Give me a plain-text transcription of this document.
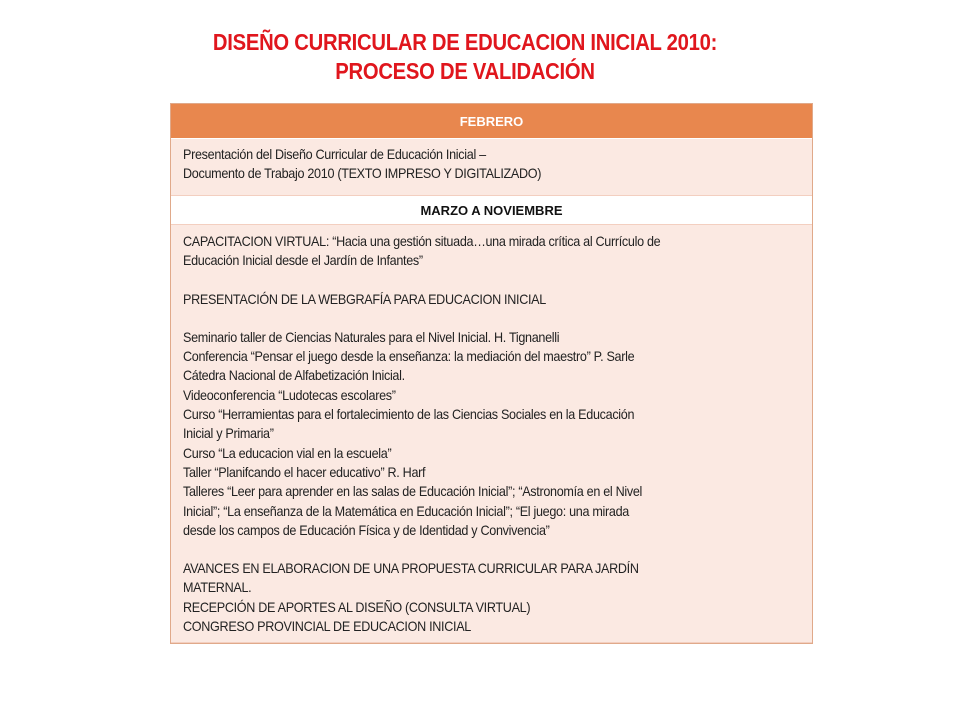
DISEÑO CURRICULAR DE EDUCACION INICIAL 2010:
PROCESO DE VALIDACIÓN
FEBRERO
Presentación del Diseño Curricular de Educación Inicial –
Documento de Trabajo 2010 (TEXTO IMPRESO Y DIGITALIZADO)
MARZO A NOVIEMBRE
CAPACITACION VIRTUAL: “Hacia una gestión situada…una mirada crítica al Currículo de
Educación Inicial desde el Jardín de Infantes”
PRESENTACIÓN DE LA WEBGRAFÍA PARA EDUCACION INICIAL
Seminario taller de Ciencias Naturales para el Nivel Inicial. H. Tignanelli
Conferencia “Pensar el juego desde la enseñanza: la mediación del maestro” P. Sarle
Cátedra Nacional de Alfabetización Inicial.
Videoconferencia “Ludotecas escolares”
Curso “Herramientas para el fortalecimiento de las Ciencias Sociales en la Educación
Inicial y Primaria”
Curso “La educacion vial en la escuela”
Taller “Planifcando el hacer educativo” R. Harf
Talleres “Leer para aprender en las salas de Educación Inicial”; “Astronomía en el Nivel
Inicial”; “La enseñanza de la Matemática en Educación Inicial”; “El juego: una mirada
desde los campos de Educación Física y de Identidad y Convivencia”
AVANCES EN ELABORACION DE UNA PROPUESTA CURRICULAR PARA JARDÍN
MATERNAL.
RECEPCIÓN DE APORTES AL DISEÑO (CONSULTA VIRTUAL)
CONGRESO PROVINCIAL DE EDUCACION INICIAL
